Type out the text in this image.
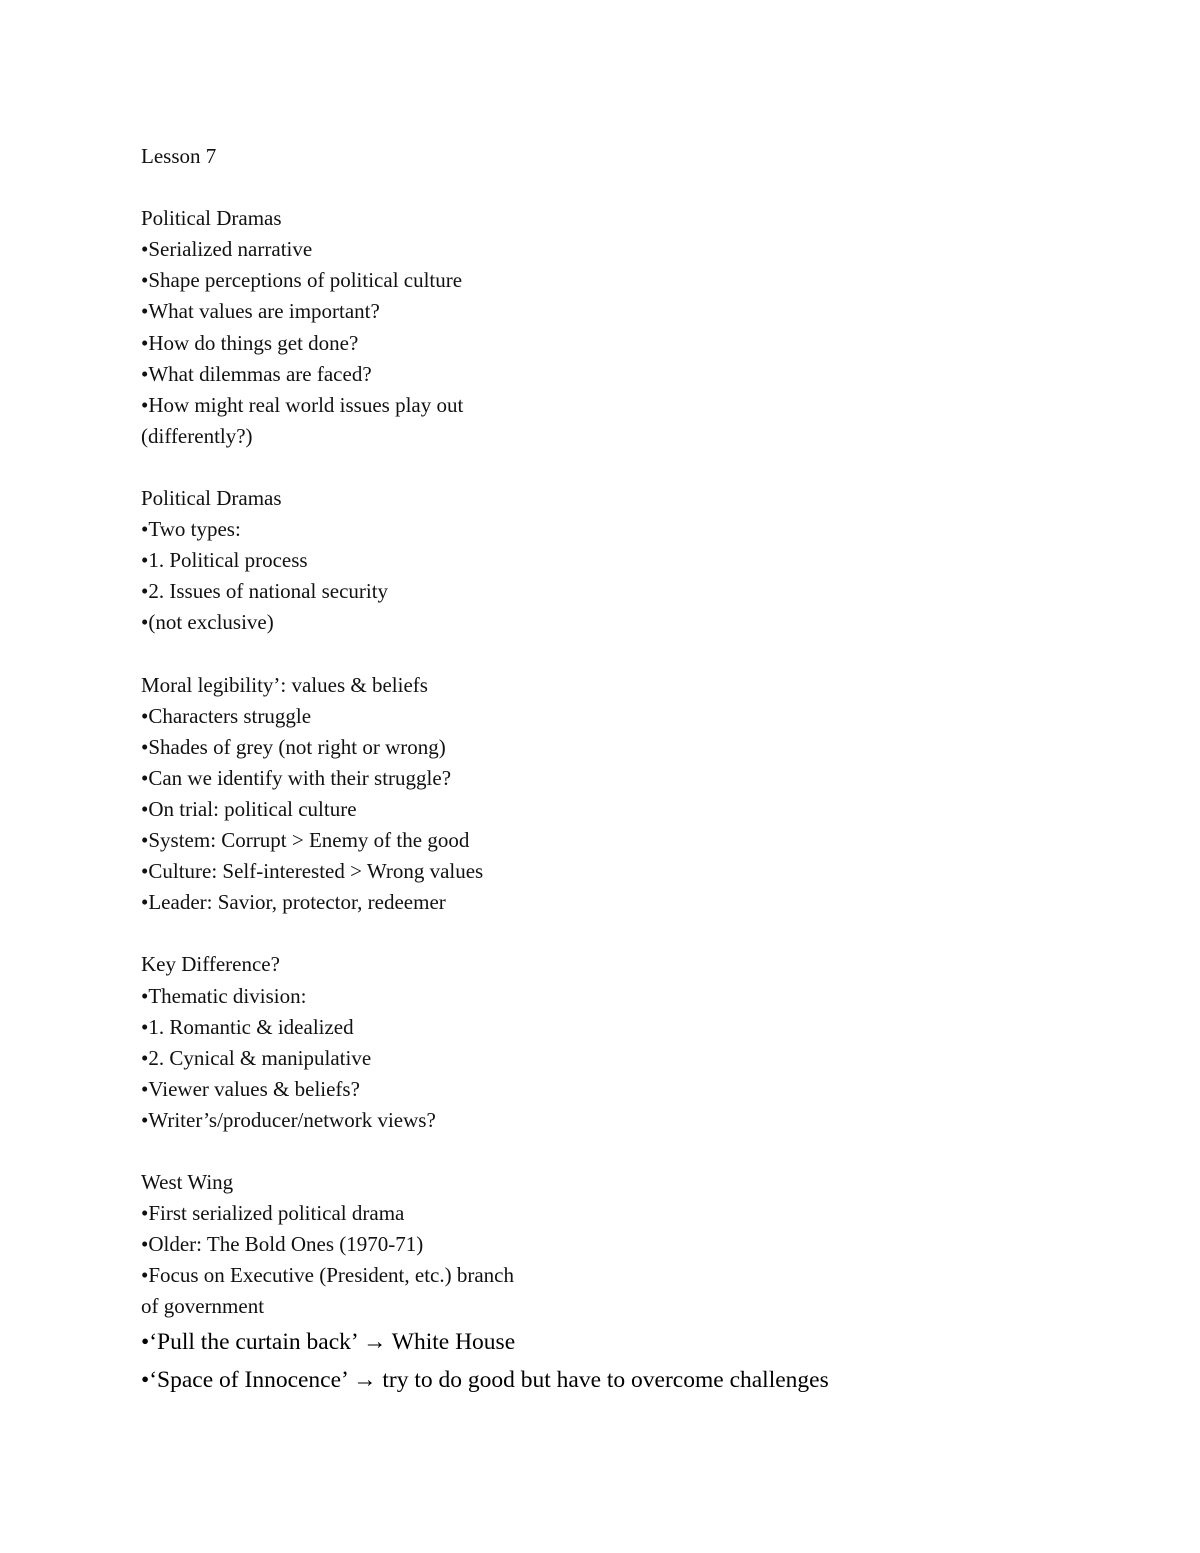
Lesson 7
Political Dramas
•Serialized narrative
•Shape perceptions of political culture
•What values are important?
•How do things get done?
•What dilemmas are faced?
•How might real world issues play out
(differently?)
Political Dramas
•Two types:
•1. Political process
•2. Issues of national security
•(not exclusive)
Moral legibility’: values & beliefs
•Characters struggle
•Shades of grey (not right or wrong)
•Can we identify with their struggle?
•On trial: political culture
•System: Corrupt > Enemy of the good
•Culture: Self-interested > Wrong values
•Leader: Savior, protector, redeemer
Key Difference?
•Thematic division:
•1. Romantic & idealized
•2. Cynical & manipulative
•Viewer values & beliefs?
•Writer’s/producer/network views?
West Wing
•First serialized political drama
•Older: The Bold Ones (1970-71)
•Focus on Executive (President, etc.) branch
of government
•‘Pull the curtain back’ → White House
•‘Space of Innocence’ → try to do good but have to overcome challenges
